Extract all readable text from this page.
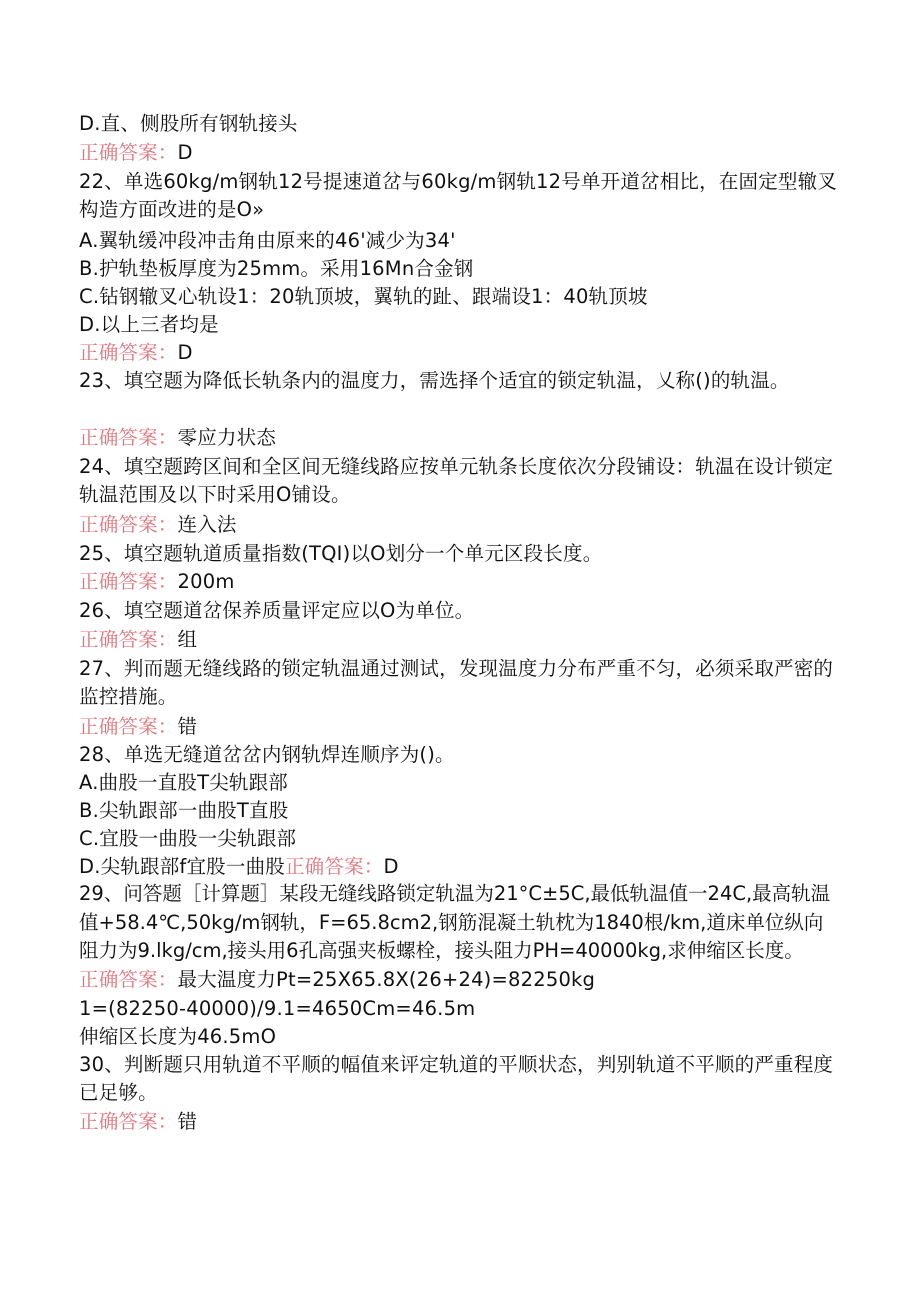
D.直、侧股所有钢轨接头

正确答案：D

22、单选60kg/m钢轨12号提速道岔与60kg/m钢轨12号单开道岔相比，在固定型辙叉构造方面改进的是O»

A.翼轨缓冲段冲击角由原来的46'减少为34'

B.护轨垫板厚度为25mm。采用16Mn合金钢

C.钻钢辙叉心轨设1：20轨顶坡，翼轨的趾、跟端设1：40轨顶坡

D.以上三者均是

正确答案：D

23、填空题为降低长轨条内的温度力，需选择个适宜的锁定轨温，乂称()的轨温。

正确答案：零应力状态

24、填空题跨区间和全区间无缝线路应按单元轨条长度依次分段铺设：轨温在设计锁定轨温范围及以下时采用O铺设。

正确答案：连入法

25、填空题轨道质量指数(TQI)以O划分一个单元区段长度。

正确答案：200m

26、填空题道岔保养质量评定应以O为单位。

正确答案：组

27、判而题无缝线路的锁定轨温通过测试，发现温度力分布严重不匀，必须采取严密的监控措施。

正确答案：错

28、单选无缝道岔岔内钢轨焊连顺序为()。

A.曲股一直股T尖轨跟部

B.尖轨跟部一曲股T直股

C.宜股一曲股一尖轨跟部

D.尖轨跟部f宜股一曲股正确答案：D

29、问答题［计算题］某段无缝线路锁定轨温为21°C±5C,最低轨温值一24C,最高轨温值+58.4℃,50kg/m钢轨，F=65.8cm2,钢筋混凝土轨枕为1840根/km,道床单位纵向阻力为9.lkg/cm,接头用6孔高强夹板螺栓，接头阻力PH=40000kg,求伸缩区长度。

正确答案：最大温度力Pt=25X65.8X(26+24)=82250kg

1=(82250-40000)/9.1=4650Cm=46.5m

伸缩区长度为46.5mO

30、判断题只用轨道不平顺的幅值来评定轨道的平顺状态，判别轨道不平顺的严重程度已足够。

正确答案：错
